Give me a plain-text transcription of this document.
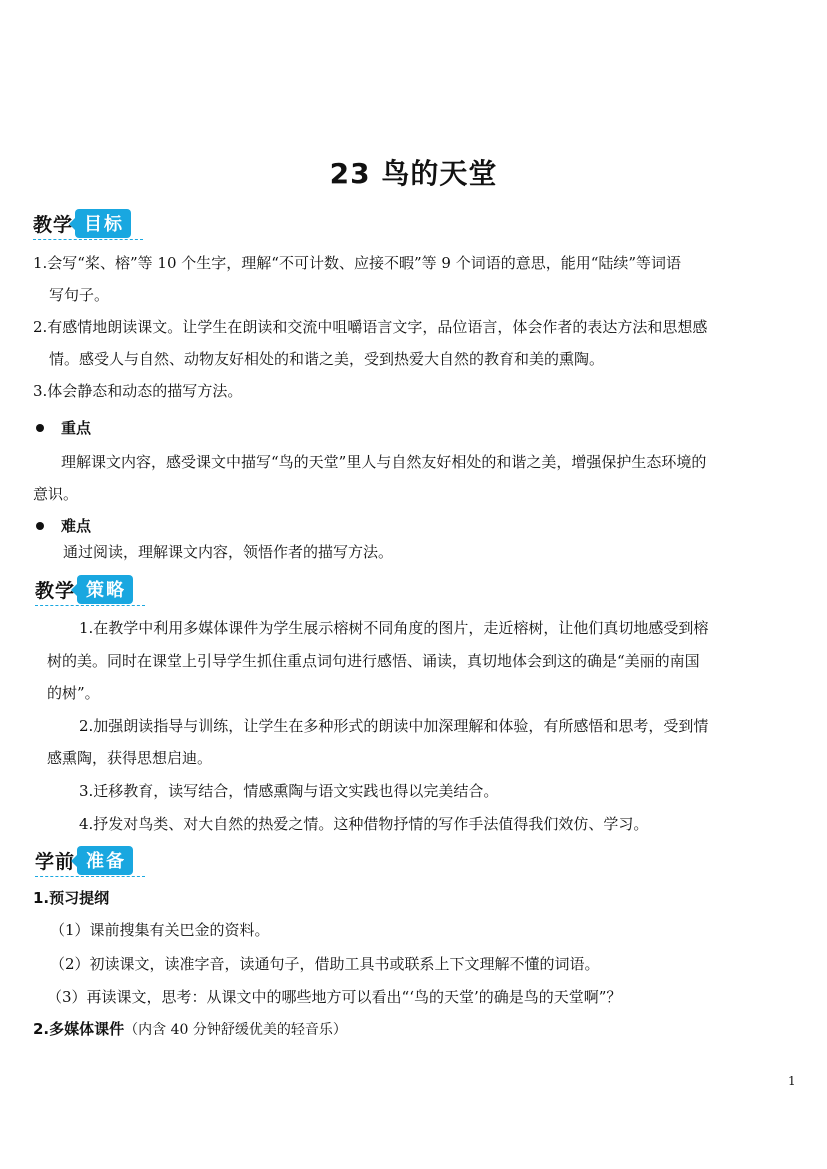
23 鸟的天堂
教学 目标
1.会写“桨、榕”等 10 个生字，理解“不可计数、应接不暇”等 9 个词语的意思，能用“陆续”等词语
写句子。
2.有感情地朗读课文。让学生在朗读和交流中咀嚼语言文字，品位语言，体会作者的表达方法和思想感
情。感受人与自然、动物友好相处的和谐之美，受到热爱大自然的教育和美的熏陶。
3.体会静态和动态的描写方法。
重点
理解课文内容，感受课文中描写“鸟的天堂”里人与自然友好相处的和谐之美，增强保护生态环境的
意识。
难点
通过阅读，理解课文内容，领悟作者的描写方法。
教学 策略
1.在教学中利用多媒体课件为学生展示榕树不同角度的图片，走近榕树，让他们真切地感受到榕
树的美。同时在课堂上引导学生抓住重点词句进行感悟、诵读，真切地体会到这的确是“美丽的南国
的树”。
2.加强朗读指导与训练，让学生在多种形式的朗读中加深理解和体验，有所感悟和思考，受到情
感熏陶，获得思想启迪。
3.迁移教育，读写结合，情感熏陶与语文实践也得以完美结合。
4.抒发对鸟类、对大自然的热爱之情。这种借物抒情的写作手法值得我们效仿、学习。
学前 准备
1.预习提纲
（1）课前搜集有关巴金的资料。
（2）初读课文，读准字音，读通句子，借助工具书或联系上下文理解不懂的词语。
（3）再读课文，思考：从课文中的哪些地方可以看出“‘鸟的天堂’的确是鸟的天堂啊”？
2.多媒体课件（内含 40 分钟舒缓优美的轻音乐）
1
